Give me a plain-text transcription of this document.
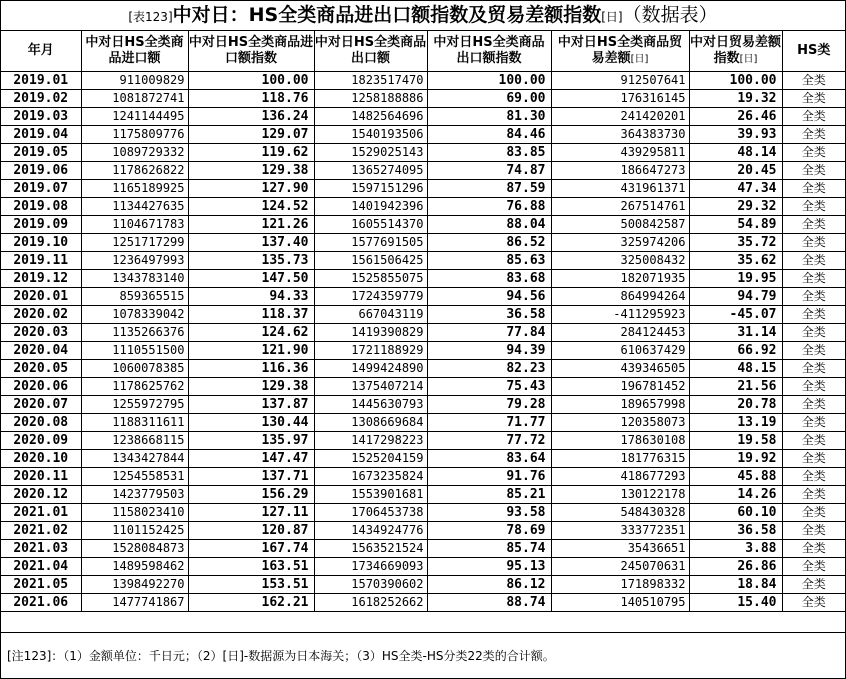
[表123]中对日：HS全类商品进出口额指数及贸易差额指数[日]（数据表）
年月	中对日HS全类商品进口额	中对日HS全类商品进口额指数	中对日HS全类商品出口额	中对日HS全类商品出口额指数	中对日HS全类商品贸易差额[日]	中对日贸易差额指数[日]	HS类
2019.01	911009829	100.00	1823517470	100.00	912507641	100.00	全类
2019.02	1081872741	118.76	1258188886	69.00	176316145	19.32	全类
2019.03	1241144495	136.24	1482564696	81.30	241420201	26.46	全类
2019.04	1175809776	129.07	1540193506	84.46	364383730	39.93	全类
2019.05	1089729332	119.62	1529025143	83.85	439295811	48.14	全类
2019.06	1178626822	129.38	1365274095	74.87	186647273	20.45	全类
2019.07	1165189925	127.90	1597151296	87.59	431961371	47.34	全类
2019.08	1134427635	124.52	1401942396	76.88	267514761	29.32	全类
2019.09	1104671783	121.26	1605514370	88.04	500842587	54.89	全类
2019.10	1251717299	137.40	1577691505	86.52	325974206	35.72	全类
2019.11	1236497993	135.73	1561506425	85.63	325008432	35.62	全类
2019.12	1343783140	147.50	1525855075	83.68	182071935	19.95	全类
2020.01	859365515	94.33	1724359779	94.56	864994264	94.79	全类
2020.02	1078339042	118.37	667043119	36.58	-411295923	-45.07	全类
2020.03	1135266376	124.62	1419390829	77.84	284124453	31.14	全类
2020.04	1110551500	121.90	1721188929	94.39	610637429	66.92	全类
2020.05	1060078385	116.36	1499424890	82.23	439346505	48.15	全类
2020.06	1178625762	129.38	1375407214	75.43	196781452	21.56	全类
2020.07	1255972795	137.87	1445630793	79.28	189657998	20.78	全类
2020.08	1188311611	130.44	1308669684	71.77	120358073	13.19	全类
2020.09	1238668115	135.97	1417298223	77.72	178630108	19.58	全类
2020.10	1343427844	147.47	1525204159	83.64	181776315	19.92	全类
2020.11	1254558531	137.71	1673235824	91.76	418677293	45.88	全类
2020.12	1423779503	156.29	1553901681	85.21	130122178	14.26	全类
2021.01	1158023410	127.11	1706453738	93.58	548430328	60.10	全类
2021.02	1101152425	120.87	1434924776	78.69	333772351	36.58	全类
2021.03	1528084873	167.74	1563521524	85.74	35436651	3.88	全类
2021.04	1489598462	163.51	1734669093	95.13	245070631	26.86	全类
2021.05	1398492270	153.51	1570390602	86.12	171898332	18.84	全类
2021.06	1477741867	162.21	1618252662	88.74	140510795	15.40	全类
[注123]：（1）金额单位：千日元；（2）[日]-数据源为日本海关；（3）HS全类-HS分类22类的合计额。
